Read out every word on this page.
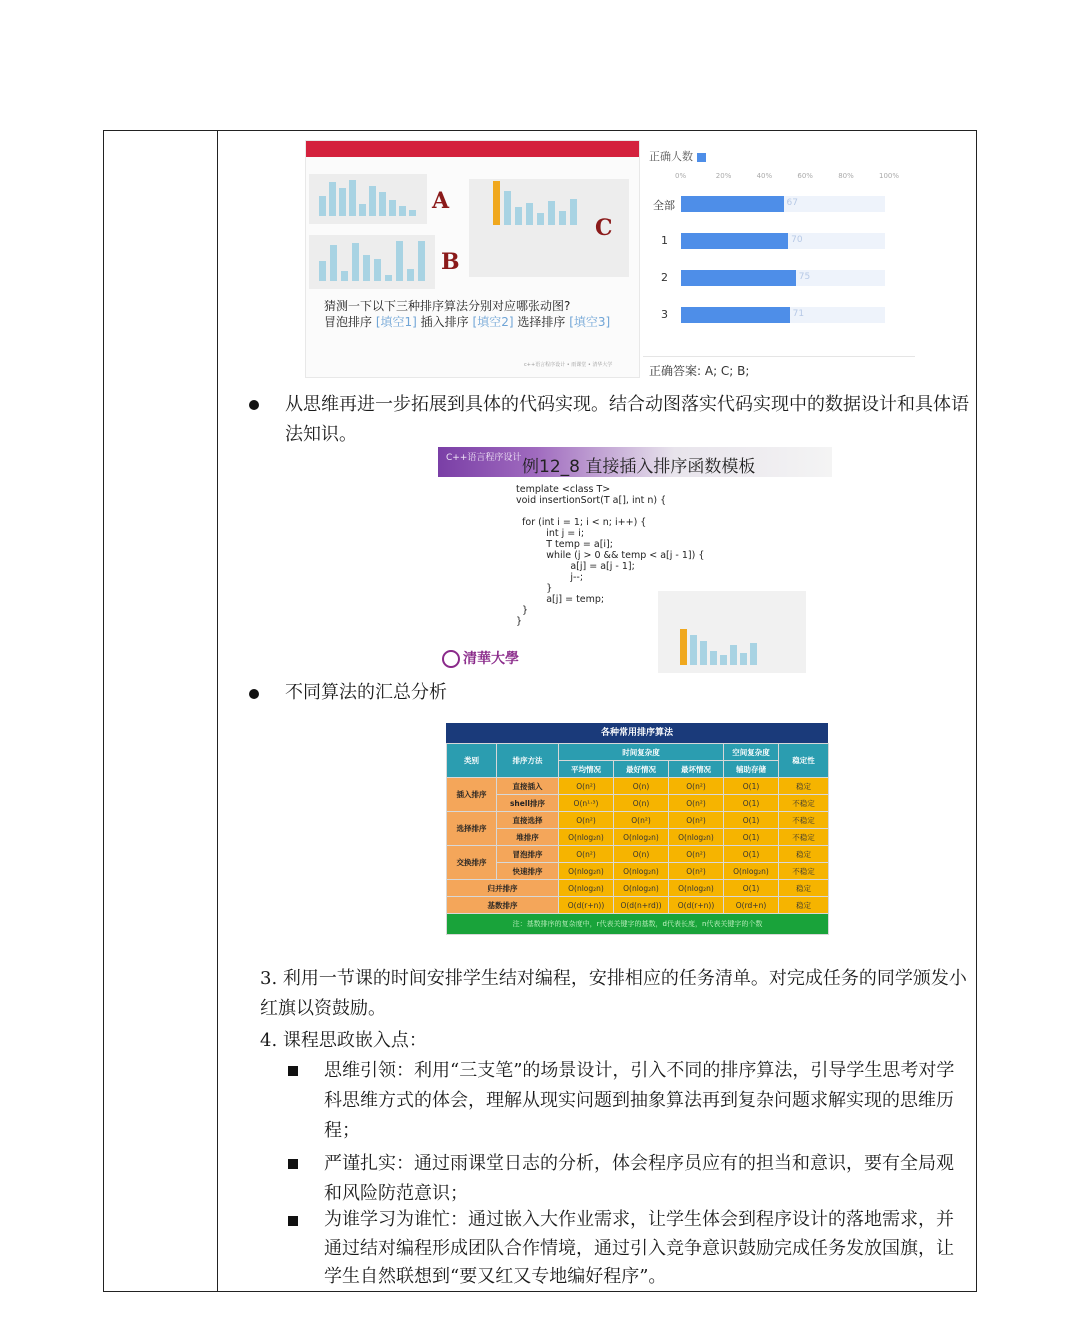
A
B
C
猜测一下以下三种排序算法分别对应哪张动图?
冒泡排序 [填空1] 插入排序 [填空2] 选择排序 [填空3]
c++语言程序设计 • 雨课堂 • 清华大学
正确人数
0%	20%	40%	60%	80%	100%
全部	67
1	70
2	75
3	71
正确答案: A; C; B;
从思维再进一步拓展到具体的代码实现。结合动图落实代码实现中的数据设计和具体语法知识。
C++语言程序设计 例12_8 直接插入排序函数模板
template <class T>
void insertionSort(T a[], int n) {

for (int i = 1; i < n; i++) {
int j = i;
T temp = a[i];
while (j > 0 && temp < a[j - 1]) {
a[j] = a[j - 1];
j--;
}
a[j] = temp;
}
}
清華大學
不同算法的汇总分析
各种常用排序算法
类别	排序方法	时间复杂度			空间复杂度	稳定性
		平均情况	最好情况	最坏情况	辅助存储	
插入排序	直接插入	O(n²)	O(n)	O(n²)	O(1)	稳定
	shell排序	O(n¹·³)	O(n)	O(n²)	O(1)	不稳定
选择排序	直接选择	O(n²)	O(n²)	O(n²)	O(1)	不稳定
	堆排序	O(nlog₂n)	O(nlog₂n)	O(nlog₂n)	O(1)	不稳定
交换排序	冒泡排序	O(n²)	O(n)	O(n²)	O(1)	稳定
	快速排序	O(nlog₂n)	O(nlog₂n)	O(n²)	O(nlog₂n)	不稳定
归并排序		O(nlog₂n)	O(nlog₂n)	O(nlog₂n)	O(1)	稳定
基数排序		O(d(r+n))	O(d(n+rd))	O(d(r+n))	O(rd+n)	稳定
注：基数排序的复杂度中，r代表关键字的基数，d代表长度，n代表关键字的个数						
3. 利用一节课的时间安排学生结对编程，安排相应的任务清单。对完成任务的同学颁发小红旗以资鼓励。
4. 课程思政嵌入点：
思维引领：利用“三支笔”的场景设计，引入不同的排序算法，引导学生思考对学科思维方式的体会，理解从现实问题到抽象算法再到复杂问题求解实现的思维历程；
严谨扎实：通过雨课堂日志的分析，体会程序员应有的担当和意识，要有全局观和风险防范意识；
为谁学习为谁忙：通过嵌入大作业需求，让学生体会到程序设计的落地需求，并通过结对编程形成团队合作情境，通过引入竞争意识鼓励完成任务发放国旗，让学生自然联想到“要又红又专地编好程序”。
